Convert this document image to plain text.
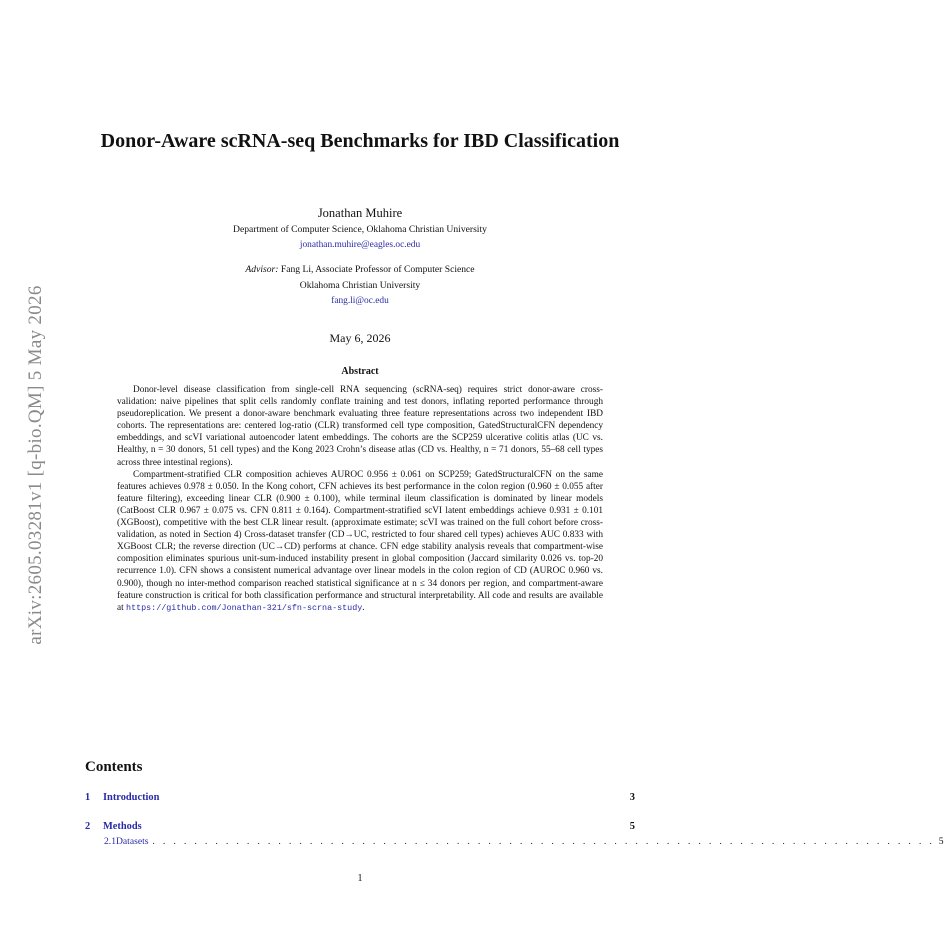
arXiv:2605.03281v1 [q-bio.QM] 5 May 2026
Donor-Aware scRNA-seq Benchmarks for IBD Classification
Jonathan Muhire
Department of Computer Science, Oklahoma Christian University
jonathan.muhire@eagles.oc.edu
Advisor: Fang Li, Associate Professor of Computer Science
Oklahoma Christian University
fang.li@oc.edu
May 6, 2026
Abstract

Donor-level disease classification from single-cell RNA sequencing (scRNA-seq) requires strict donor-aware cross-validation: naive pipelines that split cells randomly conflate training and test donors, inflating reported performance through pseudoreplication. We present a donor-aware benchmark evaluating three feature representations across two independent IBD cohorts. The representations are: centered log-ratio (CLR) transformed cell type composition, GatedStructuralCFN dependency embeddings, and scVI variational autoencoder latent embeddings. The cohorts are the SCP259 ulcerative colitis atlas (UC vs. Healthy, n = 30 donors, 51 cell types) and the Kong 2023 Crohn’s disease atlas (CD vs. Healthy, n = 71 donors, 55–68 cell types across three intestinal regions).

Compartment-stratified CLR composition achieves AUROC 0.956 ± 0.061 on SCP259; GatedStructuralCFN on the same features achieves 0.978 ± 0.050. In the Kong cohort, CFN achieves its best performance in the colon region (0.960 ± 0.055 after feature filtering), exceeding linear CLR (0.900 ± 0.100), while terminal ileum classification is dominated by linear models (CatBoost CLR 0.967 ± 0.075 vs. CFN 0.811 ± 0.164). Compartment-stratified scVI latent embeddings achieve 0.931 ± 0.101 (XGBoost), competitive with the best CLR linear result. (approximate estimate; scVI was trained on the full cohort before cross-validation, as noted in Section 4) Cross-dataset transfer (CD→UC, restricted to four shared cell types) achieves AUC 0.833 with XGBoost CLR; the reverse direction (UC→CD) performs at chance. CFN edge stability analysis reveals that compartment-wise composition eliminates spurious unit-sum-induced instability present in global composition (Jaccard similarity 0.026 vs. top-20 recurrence 1.0). CFN shows a consistent numerical advantage over linear models in the colon region of CD (AUROC 0.960 vs. 0.900), though no inter-method comparison reached statistical significance at n ≤ 34 donors per region, and compartment-aware feature construction is critical for both classification performance and structural interpretability. All code and results are available at https://github.com/Jonathan-321/sfn-scrna-study.

Contents
1	Introduction	3
2	Methods	5
2.1 Datasets . . . . . . . . . . . . . . . . . . . . . . . . . . . . . . . . . . . . . . . . . . . . . . . . . . . . . . . . . . . . . . . . . . . . . . . . . . . 5
1
